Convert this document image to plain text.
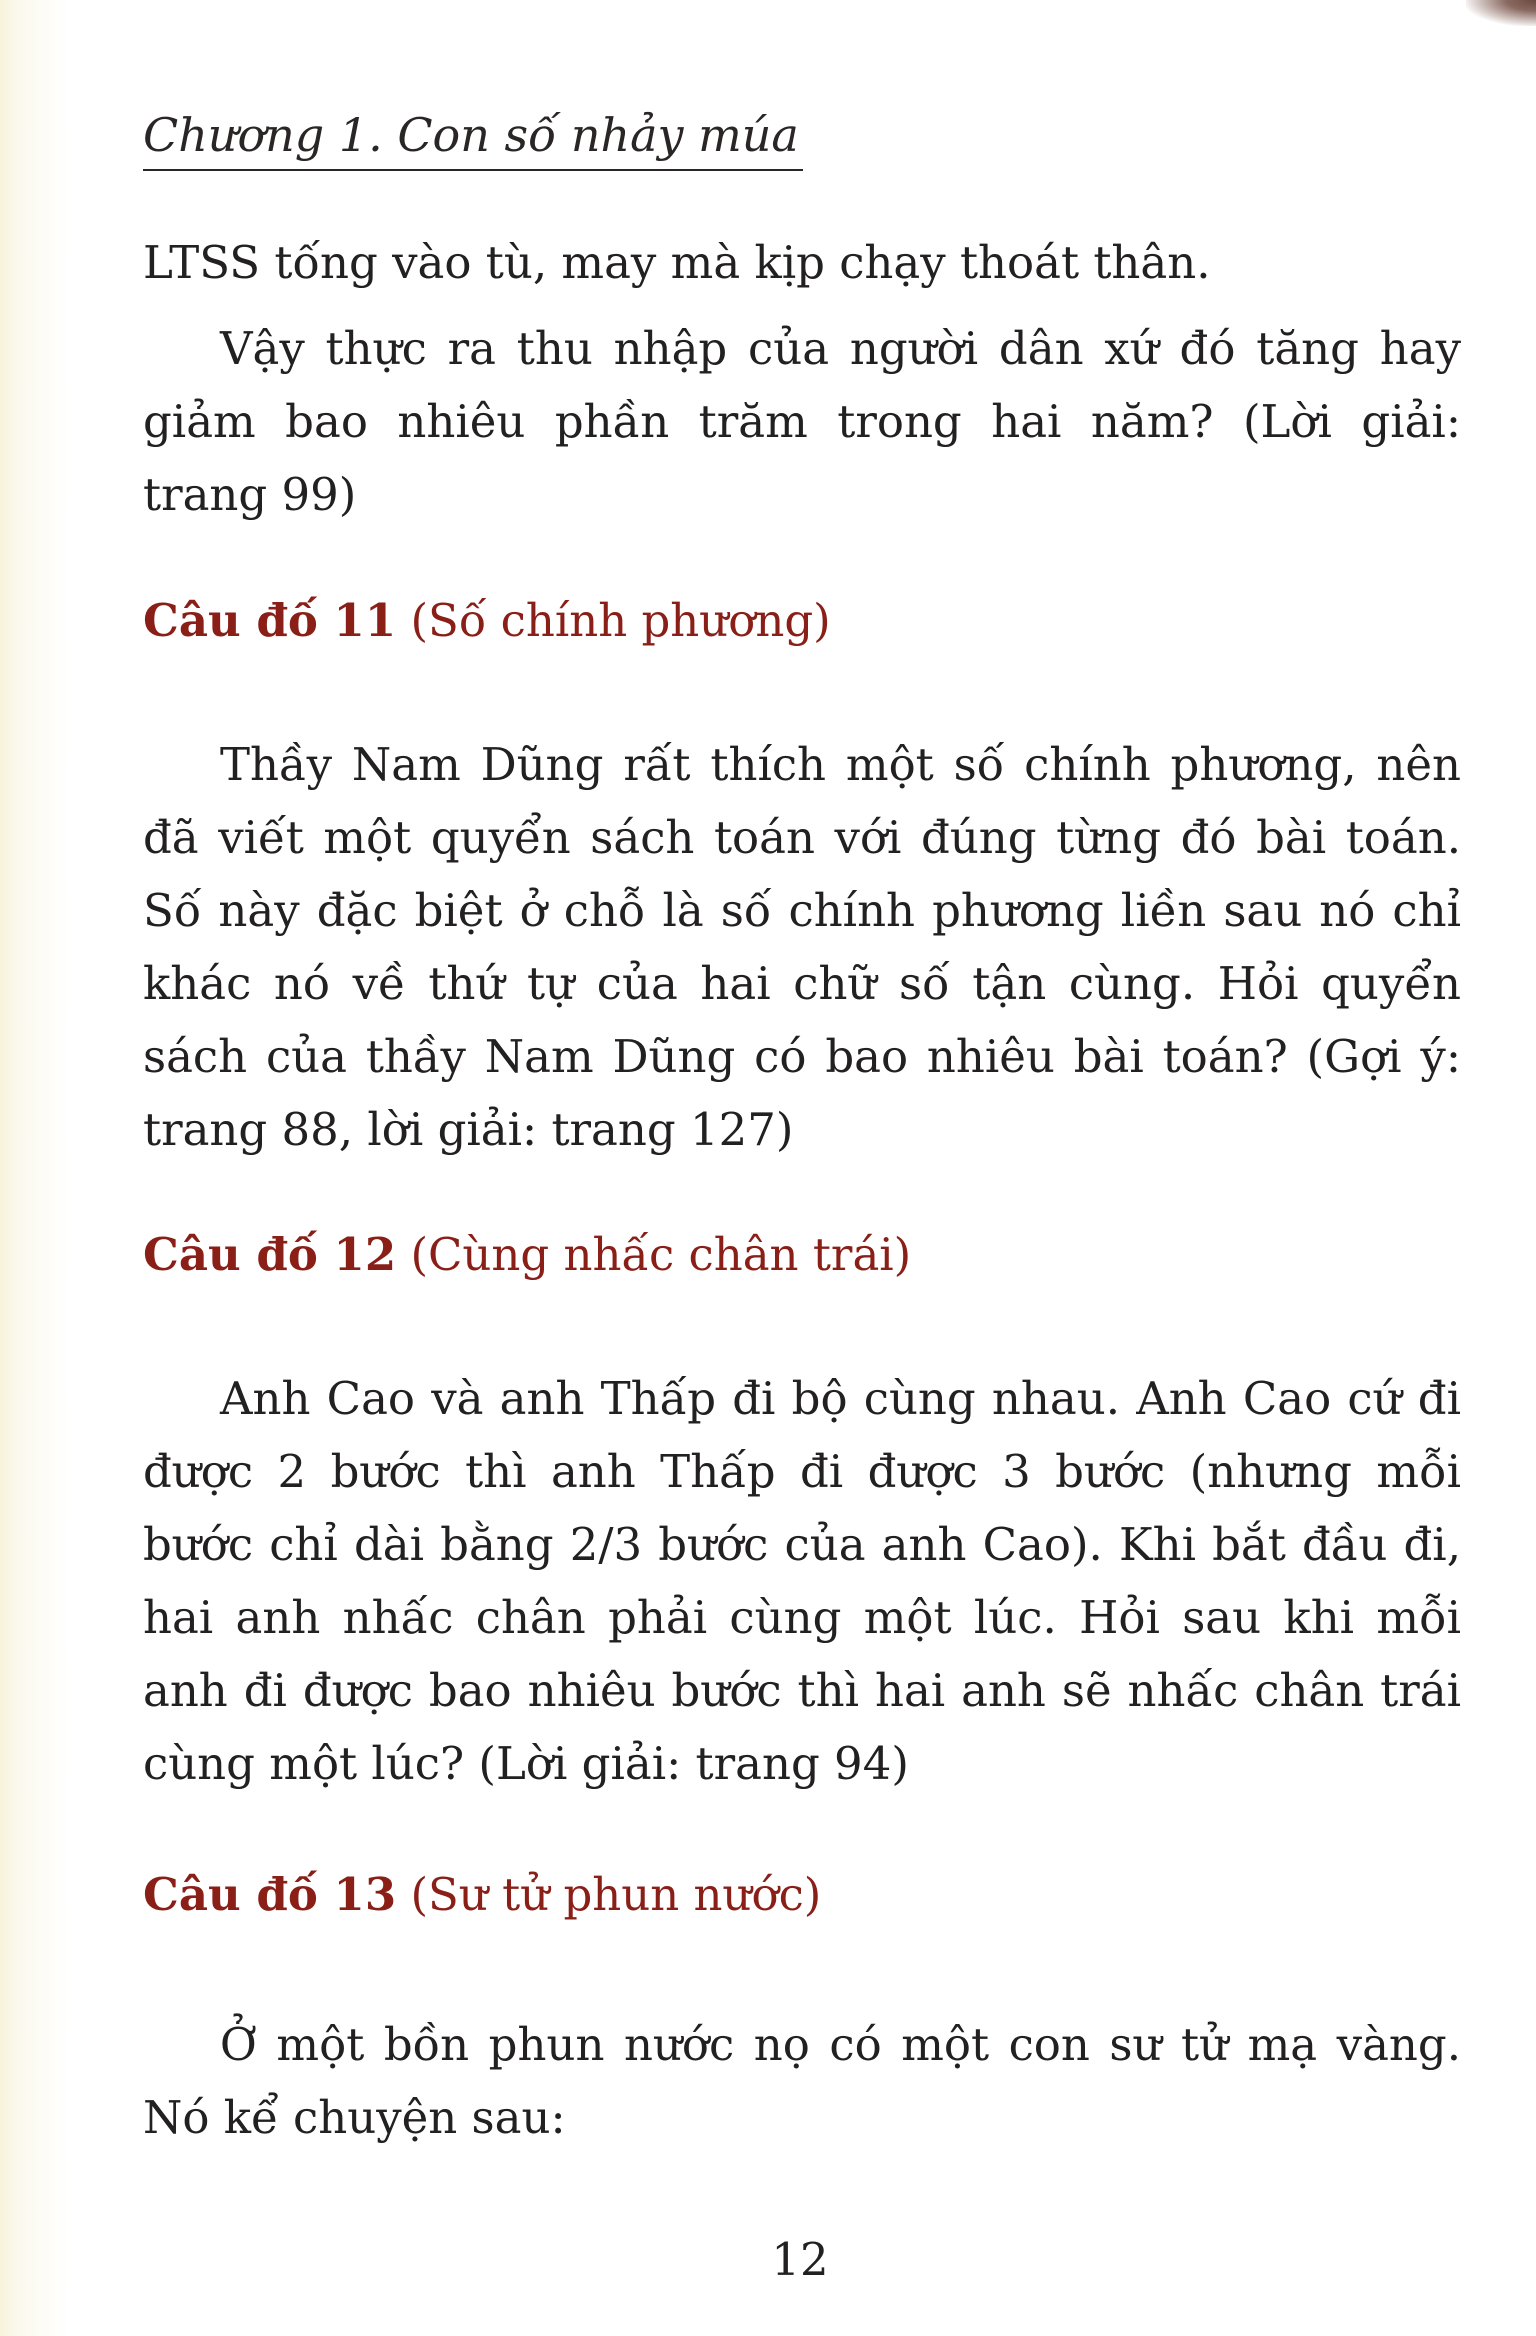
Chương 1. Con số nhảy múa

LTSS tống vào tù, may mà kịp chạy thoát thân.

Vậy thực ra thu nhập của người dân xứ đó tăng hay giảm bao nhiêu phần trăm trong hai năm? (Lời giải: trang 99)

Câu đố 11 (Số chính phương)

Thầy Nam Dũng rất thích một số chính phương, nên đã viết một quyển sách toán với đúng từng đó bài toán. Số này đặc biệt ở chỗ là số chính phương liền sau nó chỉ khác nó về thứ tự của hai chữ số tận cùng. Hỏi quyển sách của thầy Nam Dũng có bao nhiêu bài toán? (Gợi ý: trang 88, lời giải: trang 127)

Câu đố 12 (Cùng nhấc chân trái)

Anh Cao và anh Thấp đi bộ cùng nhau. Anh Cao cứ đi được 2 bước thì anh Thấp đi được 3 bước (nhưng mỗi bước chỉ dài bằng 2/3 bước của anh Cao). Khi bắt đầu đi, hai anh nhấc chân phải cùng một lúc. Hỏi sau khi mỗi anh đi được bao nhiêu bước thì hai anh sẽ nhấc chân trái cùng một lúc? (Lời giải: trang 94)

Câu đố 13 (Sư tử phun nước)

Ở một bồn phun nước nọ có một con sư tử mạ vàng. Nó kể chuyện sau:

12
